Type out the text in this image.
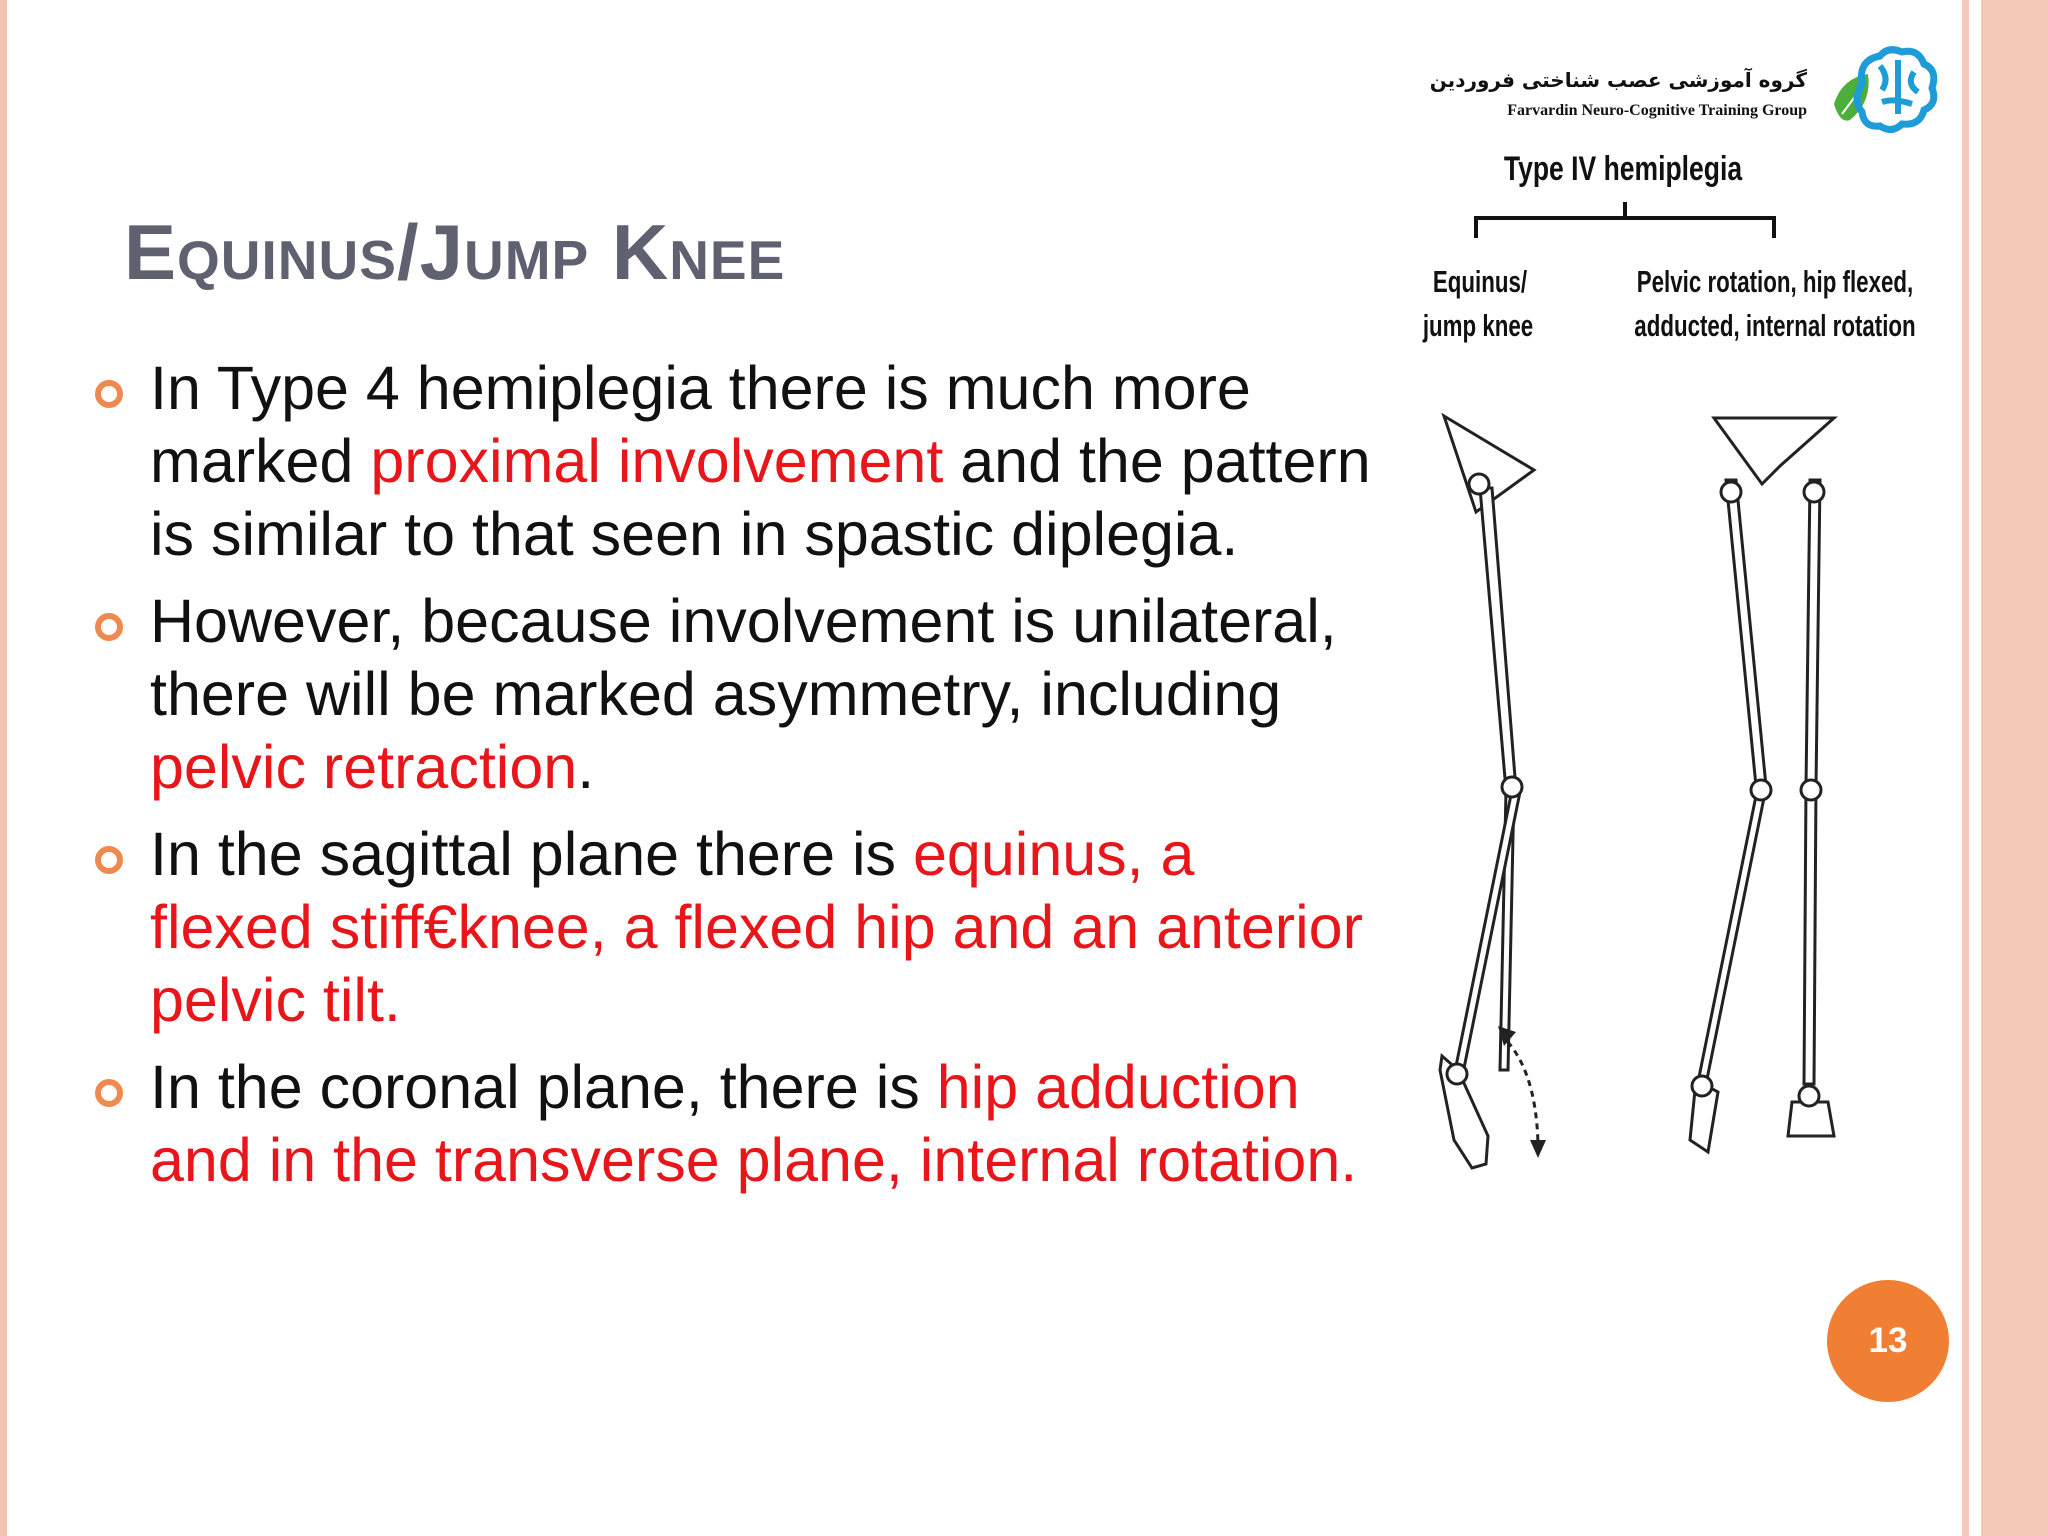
گروه آموزشی عصب شناختی فروردین
Farvardin Neuro-Cognitive Training Group
Equinus/Jump Knee
In Type 4 hemiplegia there is much more marked proximal involvement and the pattern is similar to that seen in spastic diplegia.
However, because involvement is unilateral, there will be marked asymmetry, including pelvic retraction.
In the sagittal plane there is equinus, a flexed stiff€knee, a flexed hip and an anterior pelvic tilt.
In the coronal plane, there is hip adduction and in the transverse plane, internal rotation.
Type IV hemiplegia
Equinus/
jump knee
Pelvic rotation, hip flexed,
adducted, internal rotation
13
